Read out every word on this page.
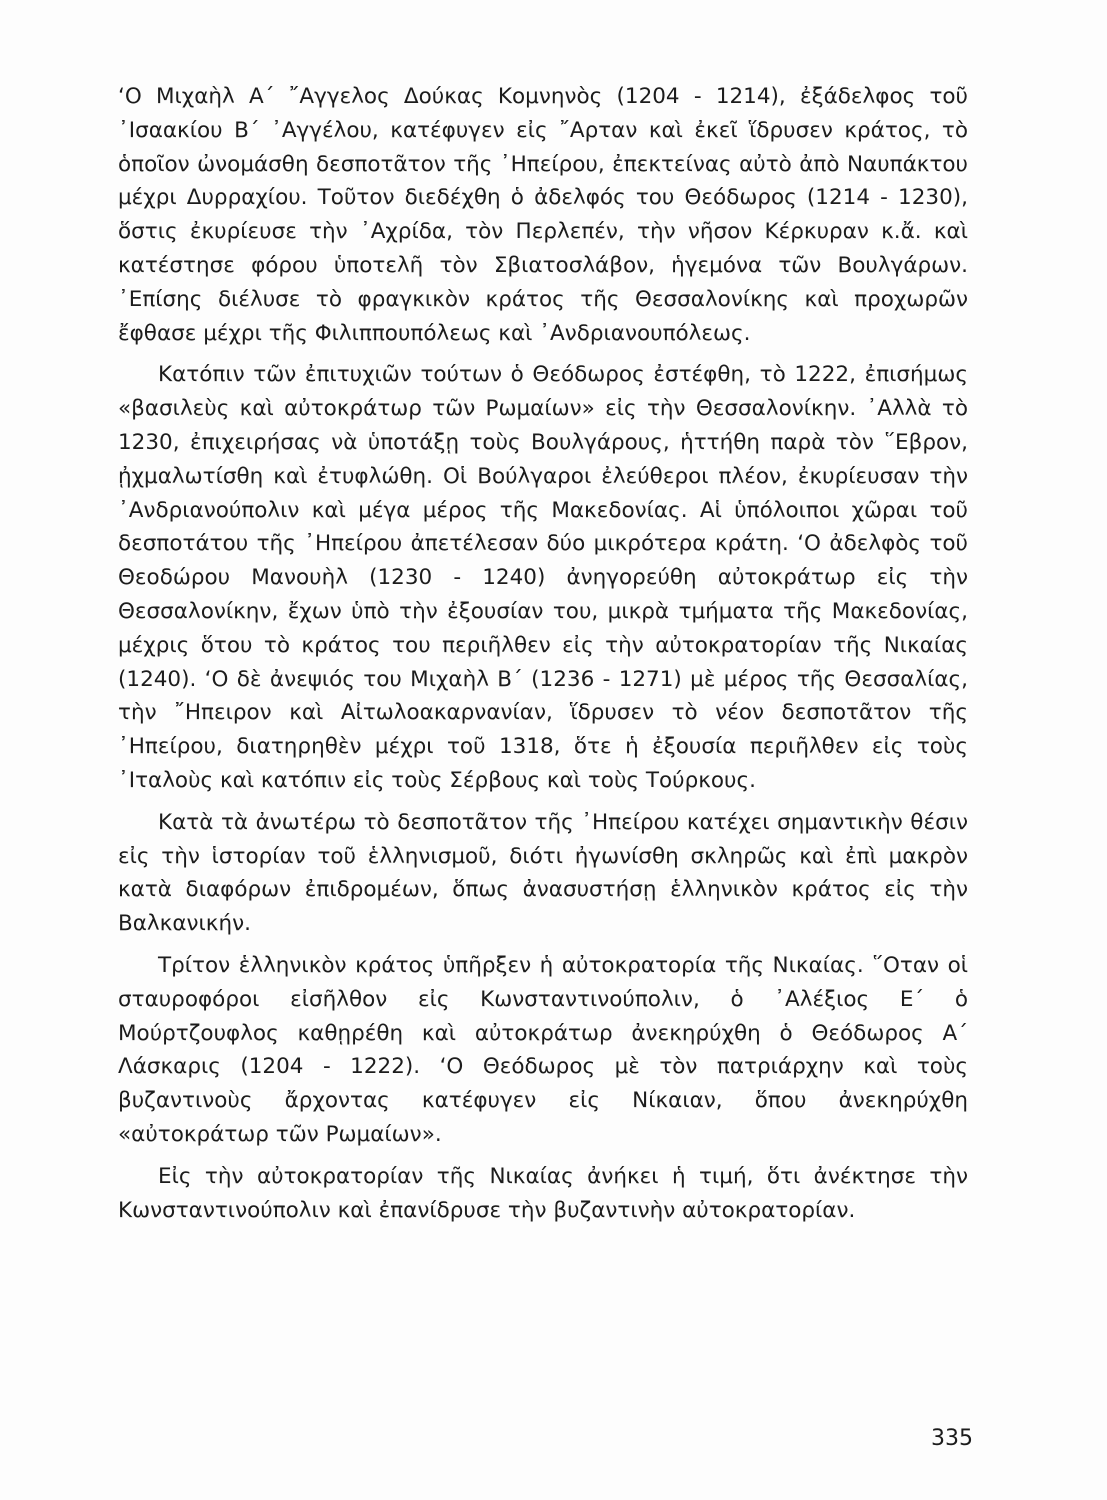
‘Ο Μιχαὴλ Α΄ ῎Αγγελος Δούκας Κομνηνὸς (1204 - 1214), ἐξάδελφος τοῦ ᾽Ισαακίου Β΄ ᾽Αγγέλου, κατέφυγεν εἰς ῎Αρταν καὶ ἐκεῖ ἵδρυσεν κράτος, τὸ ὁποῖον ὠνομάσθη δεσποτᾶτον τῆς ᾽Ηπείρου, ἐπεκτείνας αὐτὸ ἀπὸ Ναυπάκτου μέχρι Δυρραχίου. Τοῦτον διεδέχθη ὁ ἀδελφός του Θεόδωρος (1214 - 1230), ὅστις ἐκυρίευσε τὴν ᾽Αχρίδα, τὸν Περλεπέν, τὴν νῆσον Κέρκυραν κ.ἄ. καὶ κατέστησε φόρου ὑποτελῆ τὸν Σβιατοσλάβον, ἡγεμόνα τῶν Βουλγάρων. ᾽Επίσης διέλυσε τὸ φραγκικὸν κράτος τῆς Θεσσαλονίκης καὶ προχωρῶν ἔφθασε μέχρι τῆς Φιλιππουπόλεως καὶ ᾽Ανδριανουπόλεως.

Κατόπιν τῶν ἐπιτυχιῶν τούτων ὁ Θεόδωρος ἐστέφθη, τὸ 1222, ἐπισήμως «βασιλεὺς καὶ αὐτοκράτωρ τῶν Ρωμαίων» εἰς τὴν Θεσσαλονίκην. ᾽Αλλὰ τὸ 1230, ἐπιχειρήσας νὰ ὑποτάξῃ τοὺς Βουλγάρους, ἡττήθη παρὰ τὸν ῞Εβρον, ᾐχμαλωτίσθη καὶ ἐτυφλώθη. Οἱ Βούλγαροι ἐλεύθεροι πλέον, ἐκυρίευσαν τὴν ᾽Ανδριανούπολιν καὶ μέγα μέρος τῆς Μακεδονίας. Αἱ ὑπόλοιποι χῶραι τοῦ δεσποτάτου τῆς ᾽Ηπείρου ἀπετέλεσαν δύο μικρότερα κράτη. ‘Ο ἀδελφὸς τοῦ Θεοδώρου Μανουὴλ (1230 - 1240) ἀνηγορεύθη αὐτοκράτωρ εἰς τὴν Θεσσαλονίκην, ἔχων ὑπὸ τὴν ἐξουσίαν του, μικρὰ τμήματα τῆς Μακεδονίας, μέχρις ὅτου τὸ κράτος του περιῆλθεν εἰς τὴν αὐτοκρατορίαν τῆς Νικαίας (1240). ‘Ο δὲ ἀνεψιός του Μιχαὴλ Β΄ (1236 - 1271) μὲ μέρος τῆς Θεσσαλίας, τὴν ῎Ηπειρον καὶ Αἰτωλοακαρνανίαν, ἵδρυσεν τὸ νέον δεσποτᾶτον τῆς ᾽Ηπείρου, διατηρηθὲν μέχρι τοῦ 1318, ὅτε ἡ ἐξουσία περιῆλθεν εἰς τοὺς ᾽Ιταλοὺς καὶ κατόπιν εἰς τοὺς Σέρβους καὶ τοὺς Τούρκους.

Κατὰ τὰ ἀνωτέρω τὸ δεσποτᾶτον τῆς ᾽Ηπείρου κατέχει σημαντικὴν θέσιν εἰς τὴν ἱστορίαν τοῦ ἑλληνισμοῦ, διότι ἠγωνίσθη σκληρῶς καὶ ἐπὶ μακρὸν κατὰ διαφόρων ἐπιδρομέων, ὅπως ἀνασυστήσῃ ἑλληνικὸν κράτος εἰς τὴν Βαλκανικήν.

Τρίτον ἑλληνικὸν κράτος ὑπῆρξεν ἡ αὐτοκρατορία τῆς Νικαίας. ῞Οταν οἱ σταυροφόροι εἰσῆλθον εἰς Κωνσταντινούπολιν, ὁ ᾽Αλέξιος Ε΄ ὁ Μούρτζουφλος καθῃρέθη καὶ αὐτοκράτωρ ἀνεκηρύχθη ὁ Θεόδωρος Α΄ Λάσκαρις (1204 - 1222). ‘Ο Θεόδωρος μὲ τὸν πατριάρχην καὶ τοὺς βυζαντινοὺς ἄρχοντας κατέφυγεν εἰς Νίκαιαν, ὅπου ἀνεκηρύχθη «αὐτοκράτωρ τῶν Ρωμαίων».

Εἰς τὴν αὐτοκρατορίαν τῆς Νικαίας ἀνήκει ἡ τιμή, ὅτι ἀνέκτησε τὴν Κωνσταντινούπολιν καὶ ἐπανίδρυσε τὴν βυζαντινὴν αὐτοκρατορίαν.

335
